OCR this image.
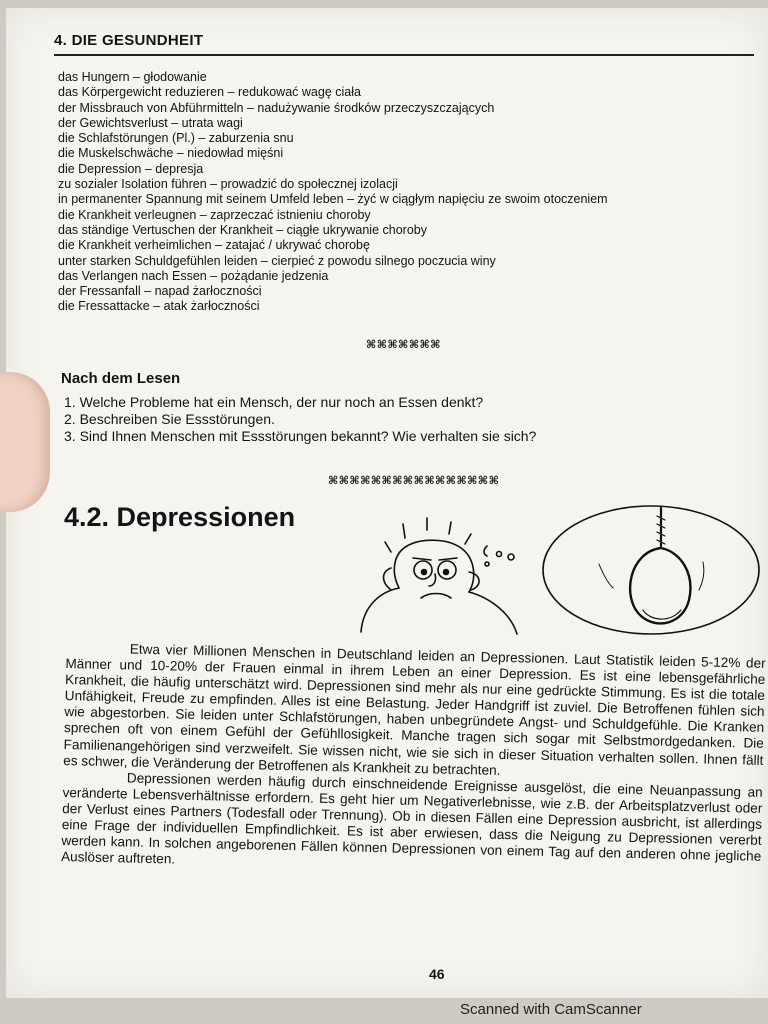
4. DIE GESUNDHEIT
das Hungern – głodowanie
das Körpergewicht reduzieren – redukować wagę ciała
der Missbrauch von Abführmitteln – nadużywanie środków przeczyszczających
der Gewichtsverlust – utrata wagi
die Schlafstörungen (Pl.) – zaburzenia snu
die Muskelschwäche – niedowład mięśni
die Depression – depresja
zu sozialer Isolation führen – prowadzić do społecznej izolacji
in permanenter Spannung mit seinem Umfeld leben – żyć w ciągłym napięciu ze swoim otoczeniem
die Krankheit verleugnen – zaprzeczać istnieniu choroby
das ständige Vertuschen der Krankheit – ciągłe ukrywanie choroby
die Krankheit verheimlichen – zatajać / ukrywać chorobę
unter starken Schuldgefühlen leiden – cierpieć z powodu silnego poczucia winy
das Verlangen nach Essen – pożądanie jedzenia
der Fressanfall – napad żarłoczności
die Fressattacke – atak żarłoczności
⌘⌘⌘⌘⌘⌘⌘
Nach dem Lesen
1. Welche Probleme hat ein Mensch, der nur noch an Essen denkt?
2. Beschreiben Sie Essstörungen.
3. Sind Ihnen Menschen mit Essstörungen bekannt? Wie verhalten sie sich?
⌘⌘⌘⌘⌘⌘⌘⌘⌘⌘⌘⌘⌘⌘⌘⌘
4.2. Depressionen

Etwa vier Millionen Menschen in Deutschland leiden an Depressionen. Laut Statistik leiden 5-12% der Männer und 10-20% der Frauen einmal in ihrem Leben an einer Depression. Es ist eine lebensgefährliche Krankheit, die häufig unterschätzt wird. Depressionen sind mehr als nur eine gedrückte Stimmung. Es ist die totale Unfähigkeit, Freude zu empfinden. Alles ist eine Belastung. Jeder Handgriff ist zuviel. Die Betroffenen fühlen sich wie abgestorben. Sie leiden unter Schlafstörungen, haben unbegründete Angst- und Schuldgefühle. Die Kranken sprechen oft von einem Gefühl der Gefühllosigkeit. Manche tragen sich sogar mit Selbstmordgedanken. Die Familienangehörigen sind verzweifelt. Sie wissen nicht, wie sie sich in dieser Situation verhalten sollen. Ihnen fällt es schwer, die Veränderung der Betroffenen als Krankheit zu betrachten.

Depressionen werden häufig durch einschneidende Ereignisse ausgelöst, die eine Neuanpassung an veränderte Lebensverhältnisse erfordern. Es geht hier um Negativerlebnisse, wie z.B. der Arbeitsplatzverlust oder der Verlust eines Partners (Todesfall oder Trennung). Ob in diesen Fällen eine Depression ausbricht, ist allerdings eine Frage der individuellen Empfindlichkeit. Es ist aber erwiesen, dass die Neigung zu Depressionen vererbt werden kann. In solchen angeborenen Fällen können Depressionen von einem Tag auf den anderen ohne jegliche Auslöser auftreten.

46
Scanned with CamScanner
